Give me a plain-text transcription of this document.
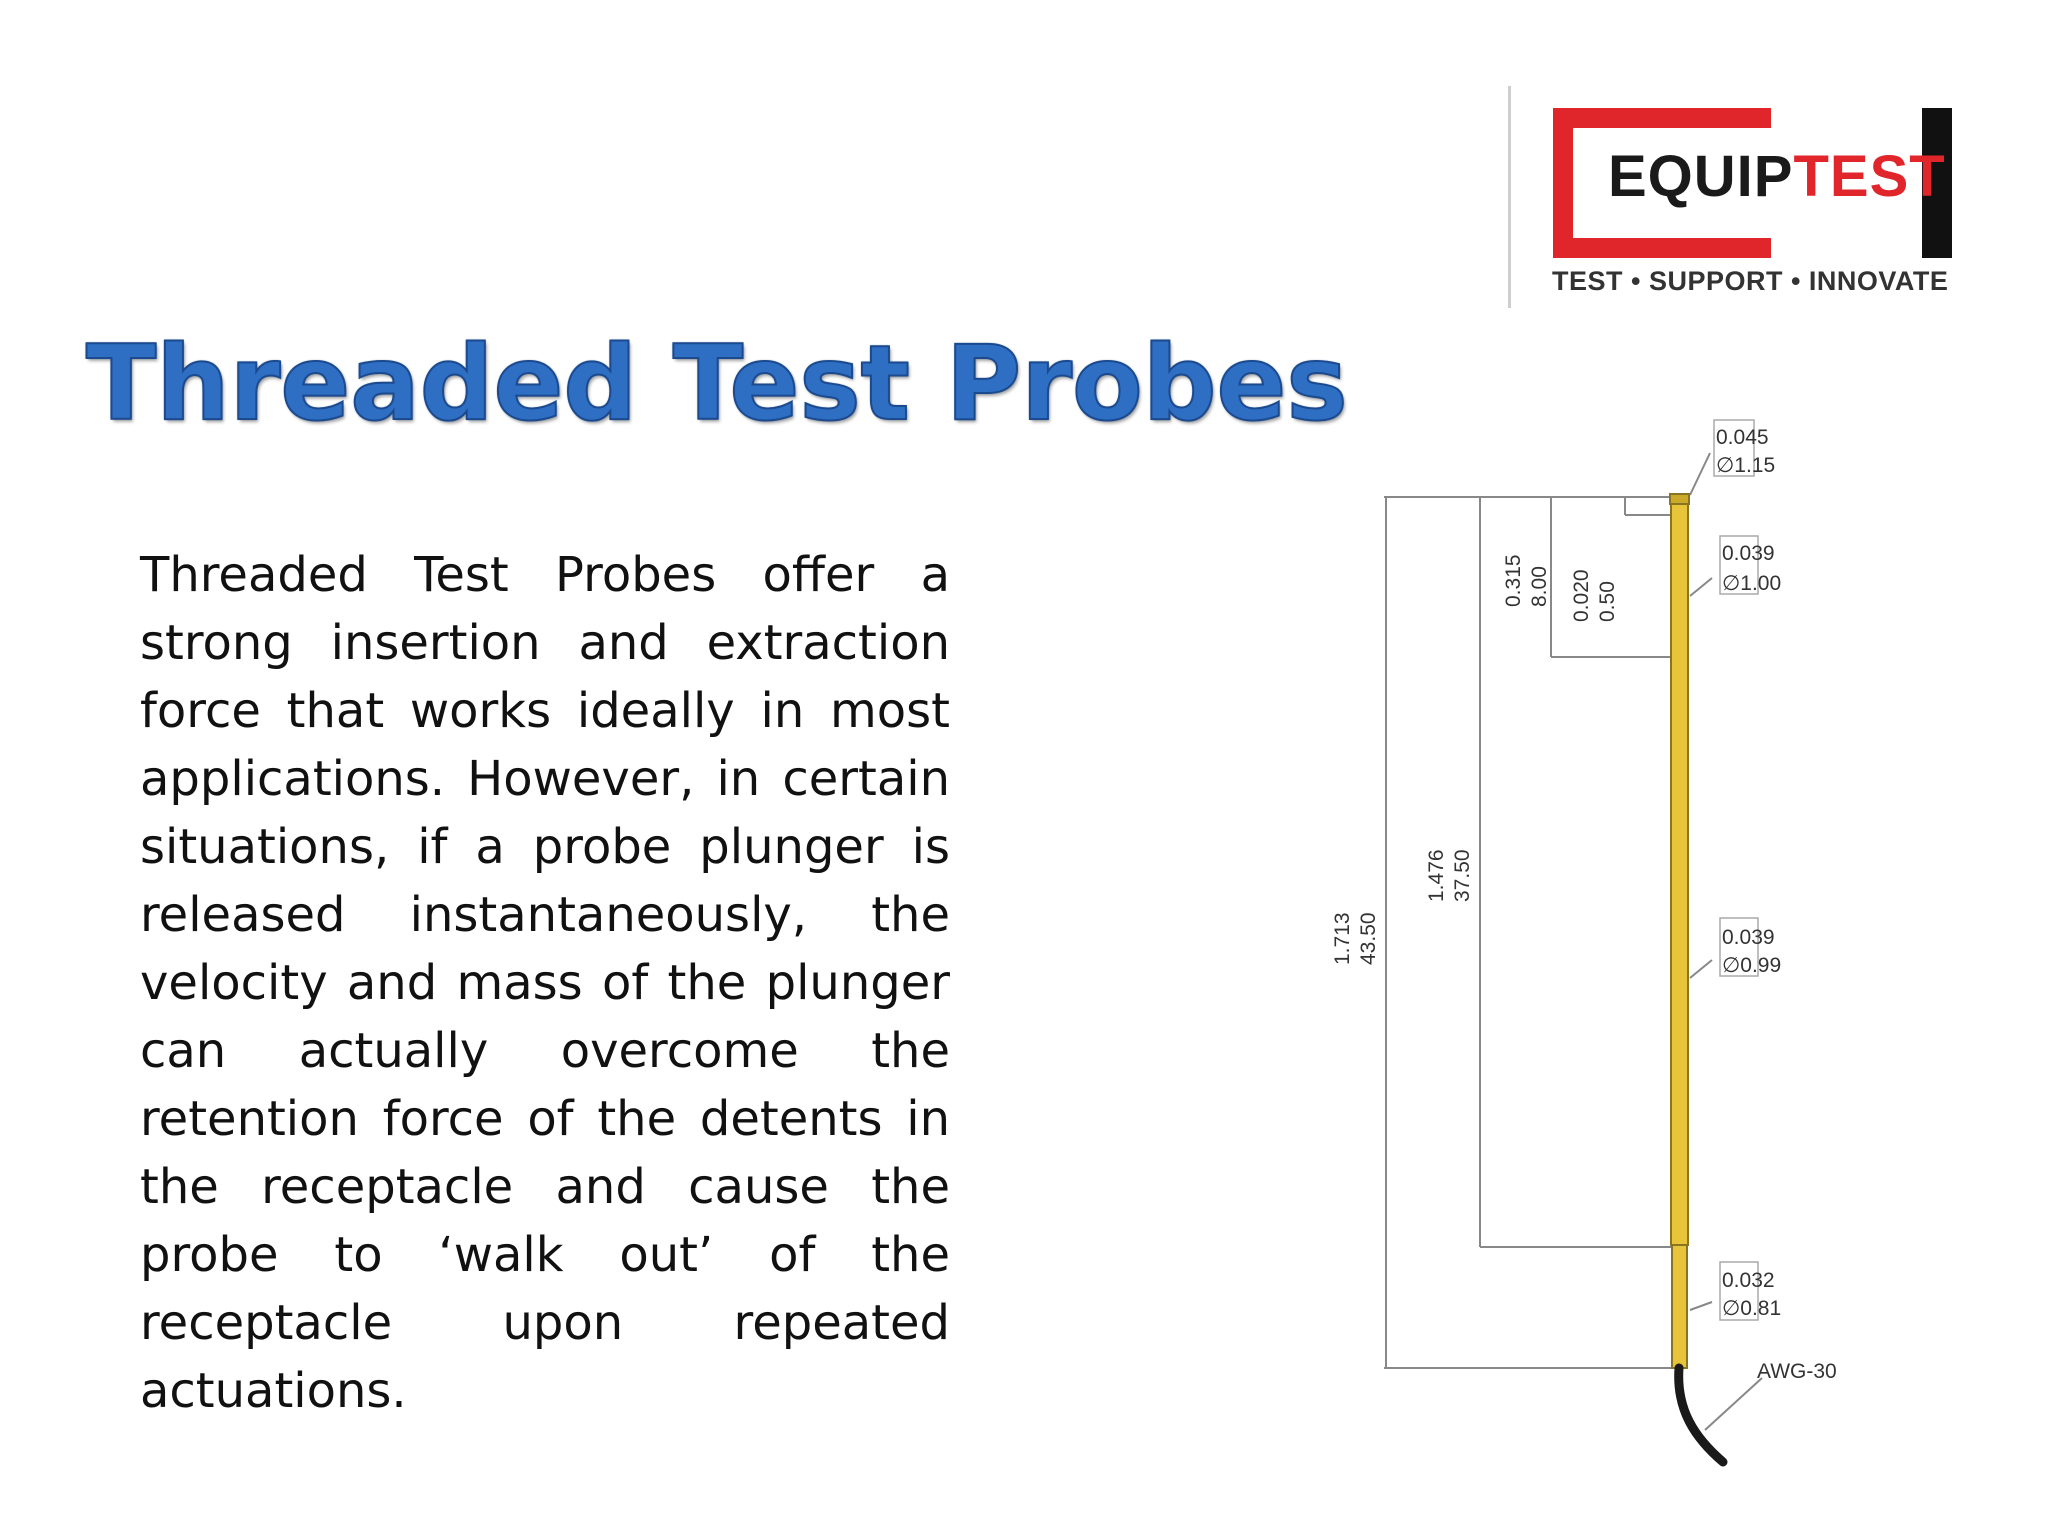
EQUIPTEST
TEST • SUPPORT • INNOVATE
Threaded Test Probes

Threaded Test Probes offer a strong insertion and extraction force that works ideally in most applications. However, in certain situations, if a probe plunger is released instantaneously, the velocity and mass of the plunger can actually overcome the retention force of the detents in the receptacle and cause the probe to ‘walk out’ of the receptacle upon repeated actuations.

0.045
∅1.15
0.039
∅1.00
0.039
∅0.99
0.032
∅0.81
AWG-30
0.315 8.00 0.020 0.50
1.476 37.50
1.713 43.50
